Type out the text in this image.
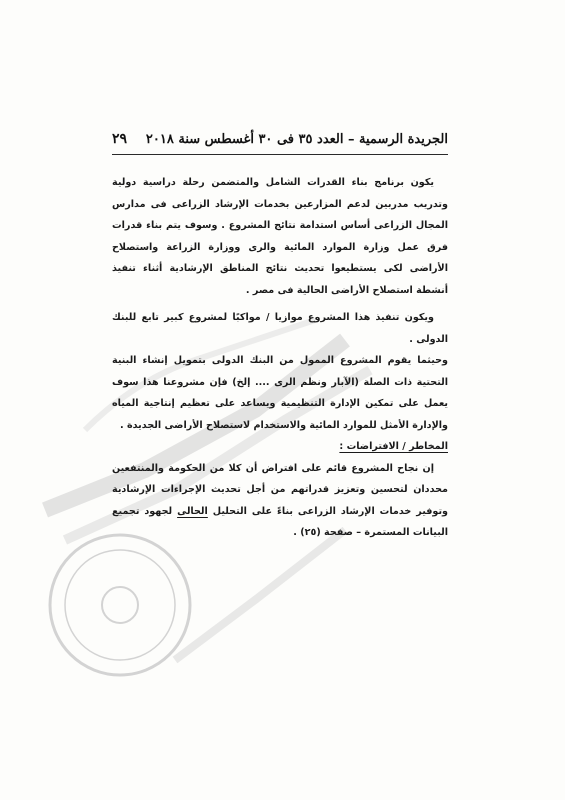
الجريدة الرسمية – العدد ٣٥ فى ٣٠ أغسطس سنة ٢٠١٨
٢٩

يكون برنامج بناء القدرات الشامل والمتضمن رحلة دراسية دولية وتدريب مدربين لدعم المزارعين بخدمات الإرشاد الزراعى فى مدارس المجال الزراعى أساس استدامة نتائج المشروع . وسوف يتم بناء قدرات فرق عمل وزارة الموارد المائية والرى ووزارة الزراعة واستصلاح الأراضى لكى يستطيعوا تحديث نتائج المناطق الإرشادية أثناء تنفيذ أنشطة استصلاح الأراضى الحالية فى مصر .

ويكون تنفيذ هذا المشروع موازيا / مواكبًا لمشروع كبير تابع للبنك الدولى .

وحيثما يقوم المشروع الممول من البنك الدولى بتمويل إنشاء البنية التحتية ذات الصلة (الآبار ونظم الرى .... إلخ) فإن مشروعنا هذا سوف يعمل على تمكين الإدارة التنظيمية ويساعد على تعظيم إنتاجية المياه والإدارة الأمثل للموارد المائية والاستخدام لاستصلاح الأراضى الجديدة .

المخاطر / الافتراضات :

إن نجاح المشروع قائم على افتراض أن كلا من الحكومة والمنتفعين محددان لتحسين وتعزيز قدراتهم من أجل تحديث الإجراءات الإرشادية وتوفير خدمات الإرشاد الزراعى بناءً على التحليل الحالى لجهود تجميع البيانات المستمرة – صفحة (٢٥) .
